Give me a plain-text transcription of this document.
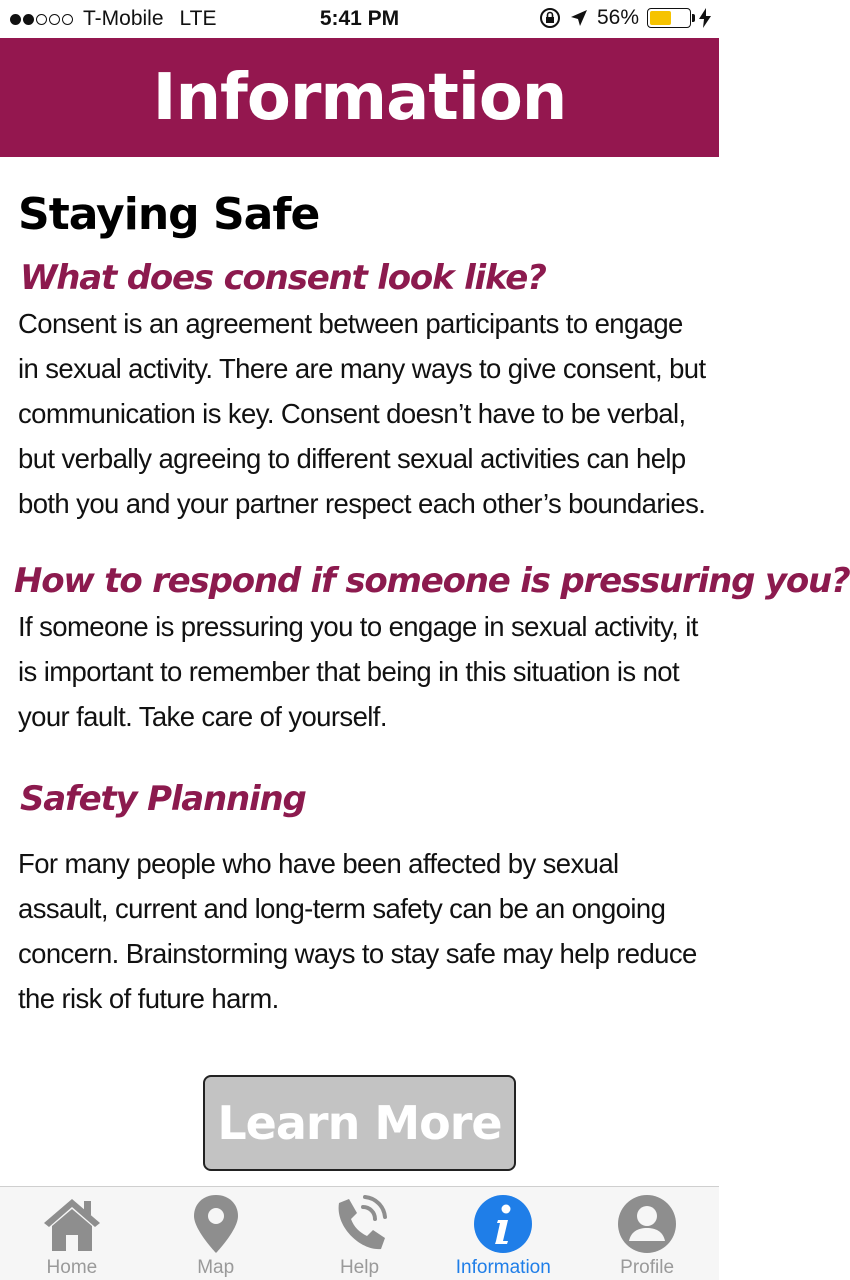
T-Mobile LTE	5:41 PM	56%
Information
Staying Safe
What does consent look like?
Consent is an agreement between participants to engage in sexual activity. There are many ways to give consent, but communication is key. Consent doesn’t have to be verbal, but verbally agreeing to different sexual activities can help both you and your partner respect each other’s boundaries.
How to respond if someone is pressuring you?
If someone is pressuring you to engage in sexual activity, it is important to remember that being in this situation is not your fault. Take care of yourself.
Safety Planning
For many people who have been affected by sexual assault, current and long-term safety can be an ongoing concern. Brainstorming ways to stay safe may help reduce the risk of future harm.
Learn More
Home	Map	Help	Information	Profile
